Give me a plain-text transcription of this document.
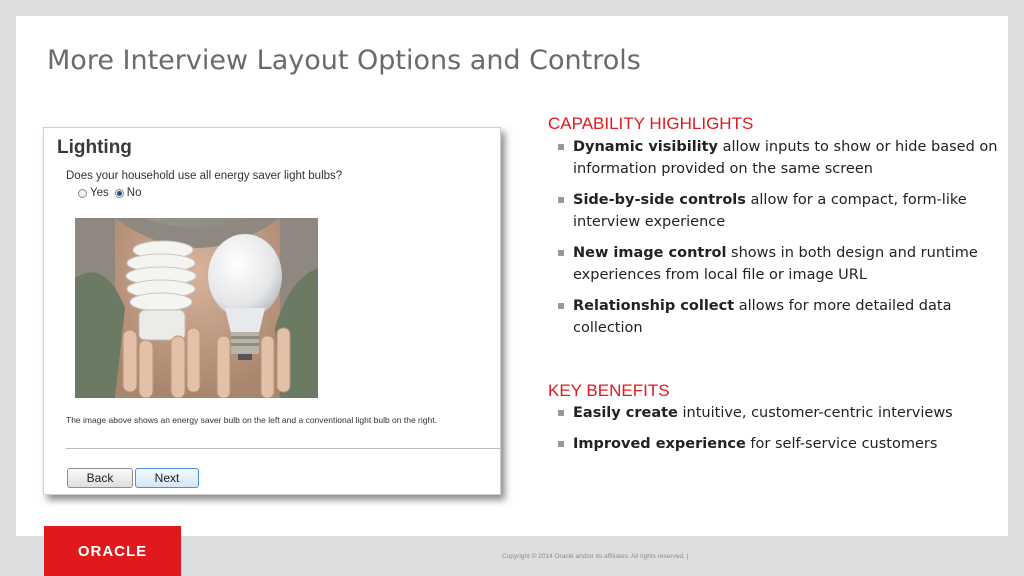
More Interview Layout Options and Controls
Lighting
Does your household use all energy saver light bulbs?
Yes No
The image above shows an energy saver bulb on the left and a conventional light bulb on the right.
Back	Next
CAPABILITY HIGHLIGHTS
Dynamic visibility allow inputs to show or hide based on information provided on the same screen
Side-by-side controls allow for a compact, form-like interview experience
New image control shows in both design and runtime experiences from local file or image URL
Relationship collect allows for more detailed data collection
KEY BENEFITS
Easily create intuitive, customer-centric interviews
Improved experience for self-service customers
ORACLE	Copyright © 2014 Oracle and/or its affiliates. All rights reserved. |
